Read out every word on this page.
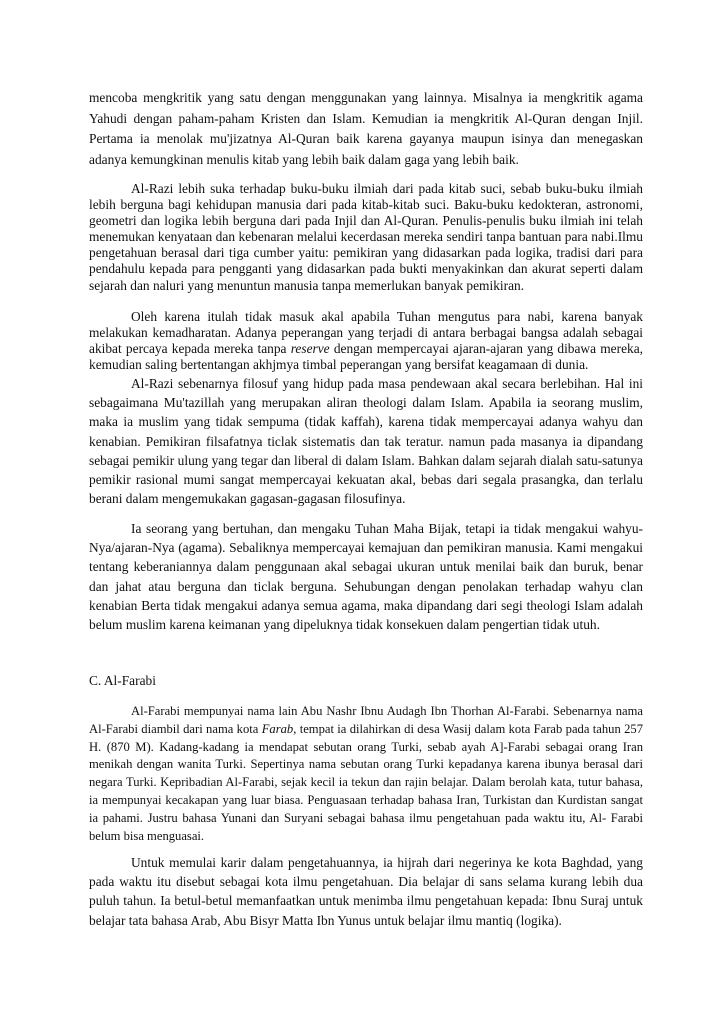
mencoba mengkritik yang satu dengan menggunakan yang lainnya. Misalnya ia mengkritik agama Yahudi dengan paham-paham Kristen dan Islam. Kemudian ia mengkritik Al-Quran dengan Injil. Pertama ia menolak mu'jizatnya Al-Quran baik karena gayanya maupun isinya dan menegaskan adanya kemungkinan menulis kitab yang lebih baik dalam gaga yang lebih baik.

Al-Razi lebih suka terhadap buku-buku ilmiah dari pada kitab suci, sebab buku-buku ilmiah lebih berguna bagi kehidupan manusia dari pada kitab-kitab suci. Baku-buku kedokteran, astronomi, geometri dan logika lebih berguna dari pada Injil dan Al-Quran. Penulis-penulis buku ilmiah ini telah menemukan kenyataan dan kebenaran melalui kecerdasan mereka sendiri tanpa bantuan para nabi.Ilmu pengetahuan berasal dari tiga cumber yaitu: pemikiran yang didasarkan pada logika, tradisi dari para pendahulu kepada para pengganti yang didasarkan pada bukti menyakinkan dan akurat seperti dalam sejarah dan naluri yang menuntun manusia tanpa memerlukan banyak pemikiran.

Oleh karena itulah tidak masuk akal apabila Tuhan mengutus para nabi, karena banyak melakukan kemadharatan. Adanya peperangan yang terjadi di antara berbagai bangsa adalah sebagai akibat percaya kepada mereka tanpa reserve dengan mempercayai ajaran-ajaran yang dibawa mereka, kemudian saling bertentangan akhjmya timbal peperangan yang bersifat keagamaan di dunia.

Al-Razi sebenarnya filosuf yang hidup pada masa pendewaan akal secara berlebihan. Hal ini sebagaimana Mu'tazillah yang merupakan aliran theologi dalam Islam. Apabila ia seorang muslim, maka ia muslim yang tidak sempuma (tidak kaffah), karena tidak mempercayai adanya wahyu dan kenabian. Pemikiran filsafatnya ticlak sistematis dan tak teratur. namun pada masanya ia dipandang sebagai pemikir ulung yang tegar dan liberal di dalam Islam. Bahkan dalam sejarah dialah satu-satunya pemikir rasional mumi sangat mempercayai kekuatan akal, bebas dari segala prasangka, dan terlalu berani dalam mengemukakan gagasan-gagasan filosufinya.

Ia seorang yang bertuhan, dan mengaku Tuhan Maha Bijak, tetapi ia tidak mengakui wahyu-Nya/ajaran-Nya (agama). Sebaliknya mempercayai kemajuan dan pemikiran manusia. Kami mengakui tentang keberaniannya dalam penggunaan akal sebagai ukuran untuk menilai baik dan buruk, benar dan jahat atau berguna dan ticlak berguna. Sehubungan dengan penolakan terhadap wahyu clan kenabian Berta tidak mengakui adanya semua agama, maka dipandang dari segi theologi Islam adalah belum muslim karena keimanan yang dipeluknya tidak konsekuen dalam pengertian tidak utuh.

C. Al-Farabi

Al-Farabi mempunyai nama lain Abu Nashr Ibnu Audagh Ibn Thorhan Al-Farabi. Sebenarnya nama Al-Farabi diambil dari nama kota Farab, tempat ia dilahirkan di desa Wasij dalam kota Farab pada tahun 257 H. (870 M). Kadang-kadang ia mendapat sebutan orang Turki, sebab ayah A]-Farabi sebagai orang Iran menikah dengan wanita Turki. Sepertinya nama sebutan orang Turki kepadanya karena ibunya berasal dari negara Turki. Kepribadian Al-Farabi, sejak kecil ia tekun dan rajin belajar. Dalam berolah kata, tutur bahasa, ia mempunyai kecakapan yang luar biasa. Penguasaan terhadap bahasa Iran, Turkistan dan Kurdistan sangat ia pahami. Justru bahasa Yunani dan Suryani sebagai bahasa ilmu pengetahuan pada waktu itu, Al- Farabi belum bisa menguasai.

Untuk memulai karir dalam pengetahuannya, ia hijrah dari negerinya ke kota Baghdad, yang pada waktu itu disebut sebagai kota ilmu pengetahuan. Dia belajar di sans selama kurang lebih dua puluh tahun. Ia betul-betul memanfaatkan untuk menimba ilmu pengetahuan kepada: Ibnu Suraj untuk belajar tata bahasa Arab, Abu Bisyr Matta Ibn Yunus untuk belajar ilmu mantiq (logika).
